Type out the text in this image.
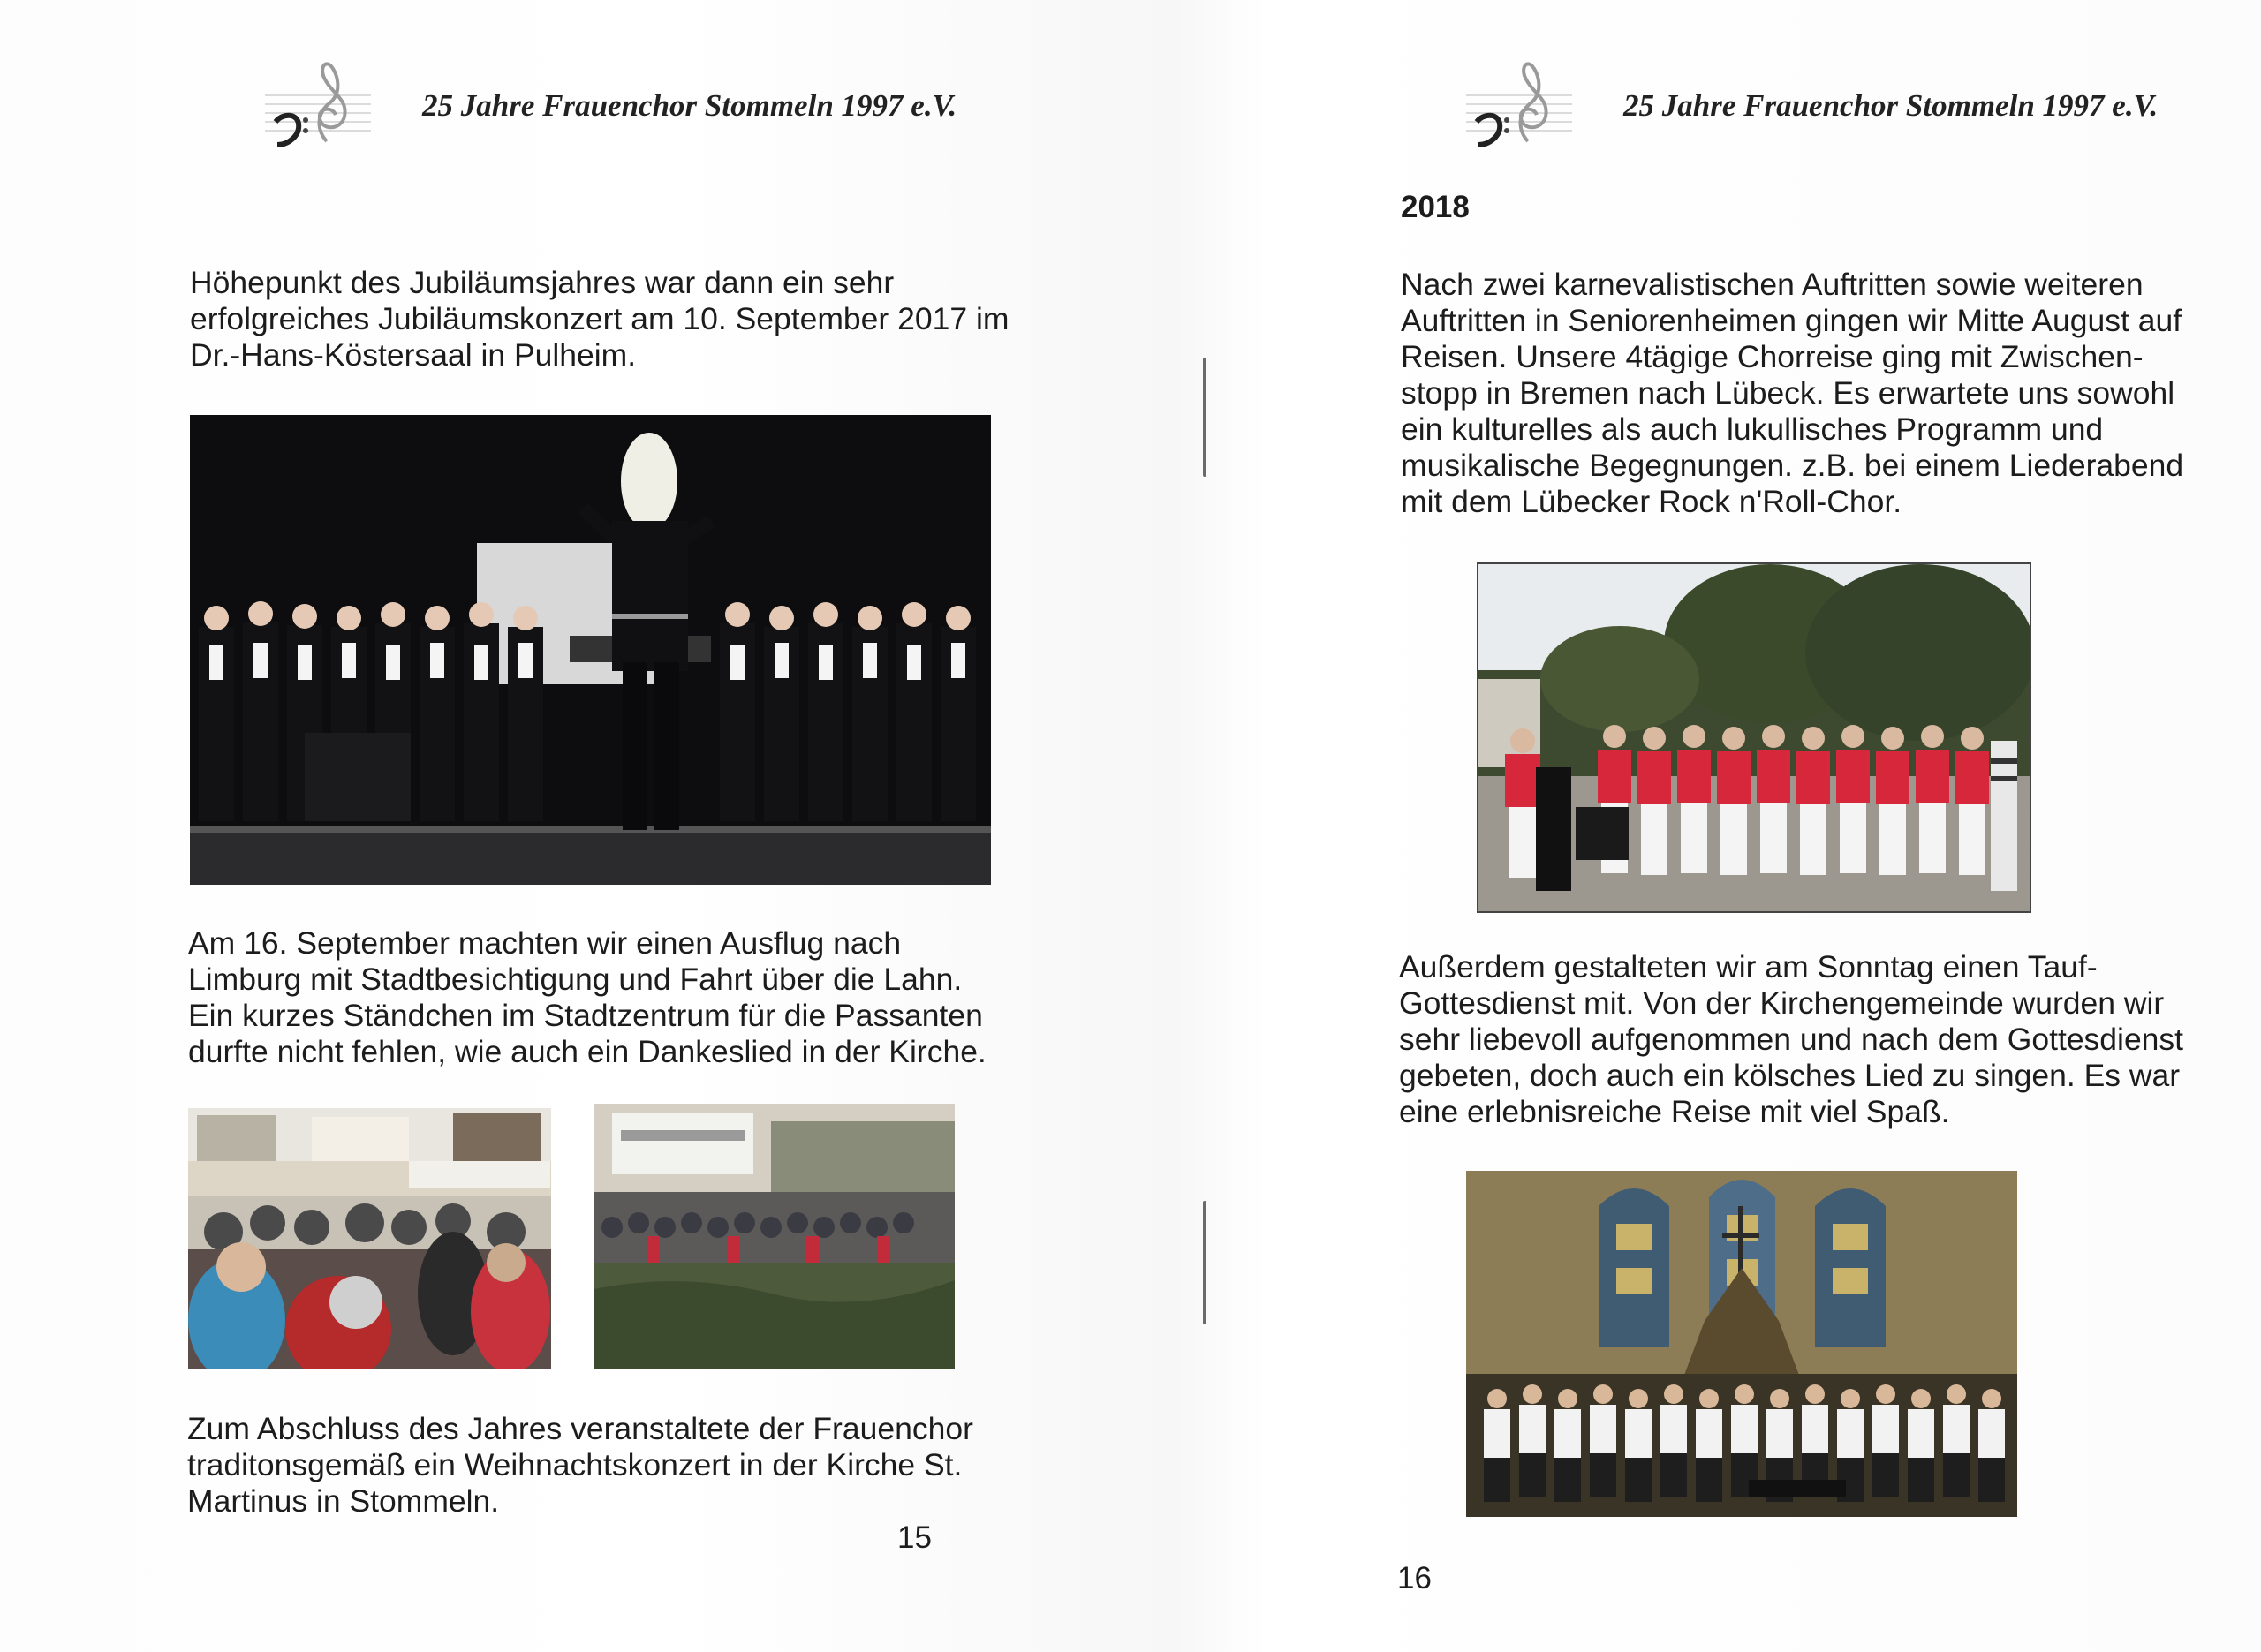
25 Jahre Frauenchor Stommeln 1997 e.V.

Höhepunkt des Jubiläumsjahres war dann ein sehr
erfolgreiches Jubiläumskonzert am 10. September 2017 im
Dr.-Hans-Köstersaal in Pulheim.

Am 16. September machten wir einen Ausflug nach
Limburg mit Stadtbesichtigung und Fahrt über die Lahn.
Ein kurzes Ständchen im Stadtzentrum für die Passanten
durfte nicht fehlen, wie auch ein Dankeslied in der Kirche.

Zum Abschluss des Jahres veranstaltete der Frauenchor
traditonsgemäß ein Weihnachtskonzert in der Kirche St.
Martinus in Stommeln.

15
25 Jahre Frauenchor Stommeln 1997 e.V.
2018

Nach zwei karnevalistischen Auftritten sowie weiteren
Auftritten in Seniorenheimen gingen wir Mitte August auf
Reisen. Unsere 4tägige Chorreise ging mit Zwischen-
stopp in Bremen nach Lübeck. Es erwartete uns sowohl
ein kulturelles als auch lukullisches Programm und
musikalische Begegnungen. z.B. bei einem Liederabend
mit dem Lübecker Rock n'Roll-Chor.

Außerdem gestalteten wir am Sonntag einen Tauf-
Gottesdienst mit. Von der Kirchengemeinde wurden wir
sehr liebevoll aufgenommen und nach dem Gottesdienst
gebeten, doch auch ein kölsches Lied zu singen. Es war
eine erlebnisreiche Reise mit viel Spaß.

16
